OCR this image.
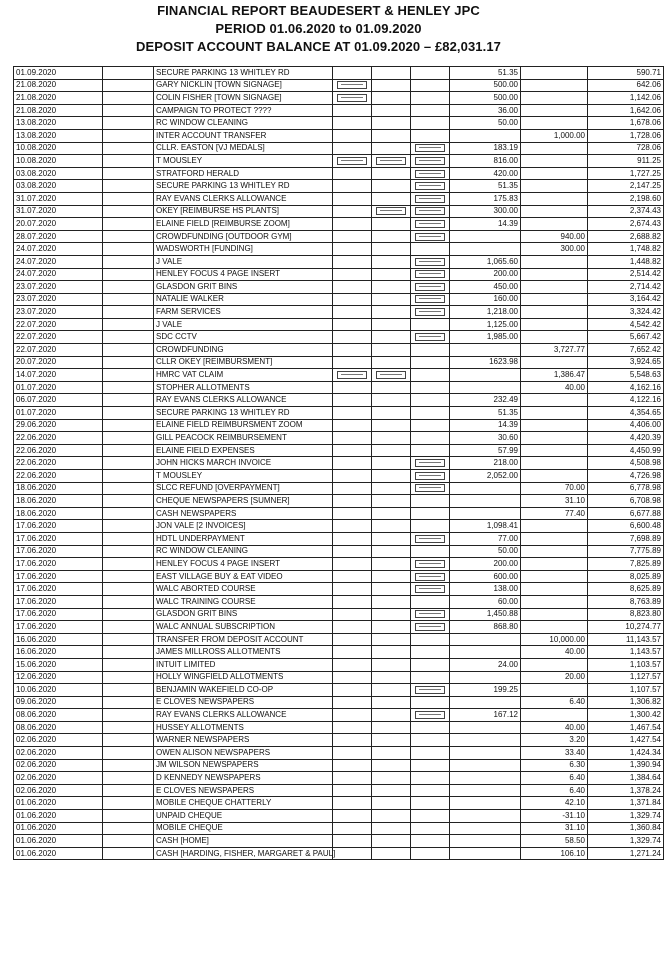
FINANCIAL REPORT BEAUDESERT & HENLEY JPC
PERIOD 01.06.2020 to 01.09.2020
DEPOSIT ACCOUNT BALANCE AT 01.09.2020 – £82,031.17
01.09.2020		SECURE PARKING 13 WHITLEY RD				51.35		590.71
21.08.2020		GARY NICKLIN [TOWN SIGNAGE]				500.00		642.06
21.08.2020		COLIN FISHER [TOWN SIGNAGE]				500.00		1,142.06
21.08.2020		CAMPAIGN TO PROTECT ????				36.00		1,642.06
13.08.2020		RC WINDOW CLEANING				50.00		1,678.06
13.08.2020		INTER ACCOUNT TRANSFER					1,000.00	1,728.06
10.08.2020		CLLR. EASTON [VJ MEDALS]				183.19		728.06
10.08.2020		T MOUSLEY				816.00		911.25
03.08.2020		STRATFORD HERALD				420.00		1,727.25
03.08.2020		SECURE PARKING 13 WHITLEY RD				51.35		2,147.25
31.07.2020		RAY EVANS CLERKS ALLOWANCE				175.83		2,198.60
31.07.2020		OKEY [REIMBURSE HS PLANTS]				300.00		2,374.43
20.07.2020		ELAINE FIELD [REIMBURSE ZOOM]				14.39		2,674.43
28.07.2020		CROWDFUNDING [OUTDOOR GYM]					940.00	2,688.82
24.07.2020		WADSWORTH [FUNDING]					300.00	1,748.82
24.07.2020		J VALE				1,065.60		1,448.82
24.07.2020		HENLEY FOCUS 4 PAGE INSERT				200.00		2,514.42
23.07.2020		GLASDON GRIT BINS				450.00		2,714.42
23.07.2020		NATALIE WALKER				160.00		3,164.42
23.07.2020		FARM SERVICES				1,218.00		3,324.42
22.07.2020		J VALE				1,125.00		4,542.42
22.07.2020		SDC CCTV				1,985.00		5,667.42
22.07.2020		CROWDFUNDING					3,727.77	7,652.42
20.07.2020		CLLR OKEY [REIMBURSMENT]				1623.98		3,924.65
14.07.2020		HMRC VAT CLAIM					1,386.47	5,548.63
01.07.2020		STOPHER ALLOTMENTS					40.00	4,162.16
06.07.2020		RAY EVANS CLERKS ALLOWANCE				232.49		4,122.16
01.07.2020		SECURE PARKING 13 WHITLEY RD				51.35		4,354.65
29.06.2020		ELAINE FIELD REIMBURSMENT ZOOM				14.39		4,406.00
22.06.2020		GILL PEACOCK REIMBURSEMENT				30.60		4,420.39
22.06.2020		ELAINE FIELD EXPENSES				57.99		4,450.99
22.06.2020		JOHN HICKS MARCH INVOICE				218.00		4,508.98
22.06.2020		T MOUSLEY				2,052.00		4,726.98
18.06.2020		SLCC REFUND [OVERPAYMENT]					70.00	6,778.98
18.06.2020		CHEQUE NEWSPAPERS [SUMNER]					31.10	6,708.98
18.06.2020		CASH NEWSPAPERS					77.40	6,677.88
17.06.2020		JON VALE [2 INVOICES]				1,098.41		6,600.48
17.06.2020		HDTL UNDERPAYMENT				77.00		7,698.89
17.06.2020		RC WINDOW CLEANING				50.00		7,775.89
17.06.2020		HENLEY FOCUS 4 PAGE INSERT				200.00		7,825.89
17.06.2020		EAST VILLAGE BUY & EAT VIDEO				600.00		8,025.89
17.06.2020		WALC ABORTED COURSE				138.00		8,625.89
17.06.2020		WALC TRAINING COURSE				60.00		8,763.89
17.06.2020		GLASDON GRIT BINS				1,450.88		8,823.80
17.06.2020		WALC ANNUAL SUBSCRIPTION				868.80		10,274.77
16.06.2020		TRANSFER FROM DEPOSIT ACCOUNT					10,000.00	11,143.57
16.06.2020		JAMES MILLROSS ALLOTMENTS					40.00	1,143.57
15.06.2020		INTUIT LIMITED				24.00		1,103.57
12.06.2020		HOLLY WINGFIELD ALLOTMENTS					20.00	1,127.57
10.06.2020		BENJAMIN WAKEFIELD CO-OP				199.25		1,107.57
09.06.2020		E CLOVES NEWSPAPERS					6.40	1,306.82
08.06.2020		RAY EVANS CLERKS ALLOWANCE				167.12		1,300.42
08.06.2020		HUSSEY ALLOTMENTS					40.00	1,467.54
02.06.2020		WARNER NEWSPAPERS					3.20	1,427.54
02.06.2020		OWEN ALISON NEWSPAPERS					33.40	1,424.34
02.06.2020		JM WILSON NEWSPAPERS					6.30	1,390.94
02.06.2020		D KENNEDY NEWSPAPERS					6.40	1,384.64
02.06.2020		E CLOVES NEWSPAPERS					6.40	1,378.24
01.06.2020		MOBILE CHEQUE CHATTERLY					42.10	1,371.84
01.06.2020		UNPAID CHEQUE					-31.10	1,329.74
01.06.2020		MOBILE CHEQUE					31.10	1,360.84
01.06.2020		CASH [HOME]					58.50	1,329.74
01.06.2020		CASH [HARDING, FISHER, MARGARET & PAUL]					106.10	1,271.24
